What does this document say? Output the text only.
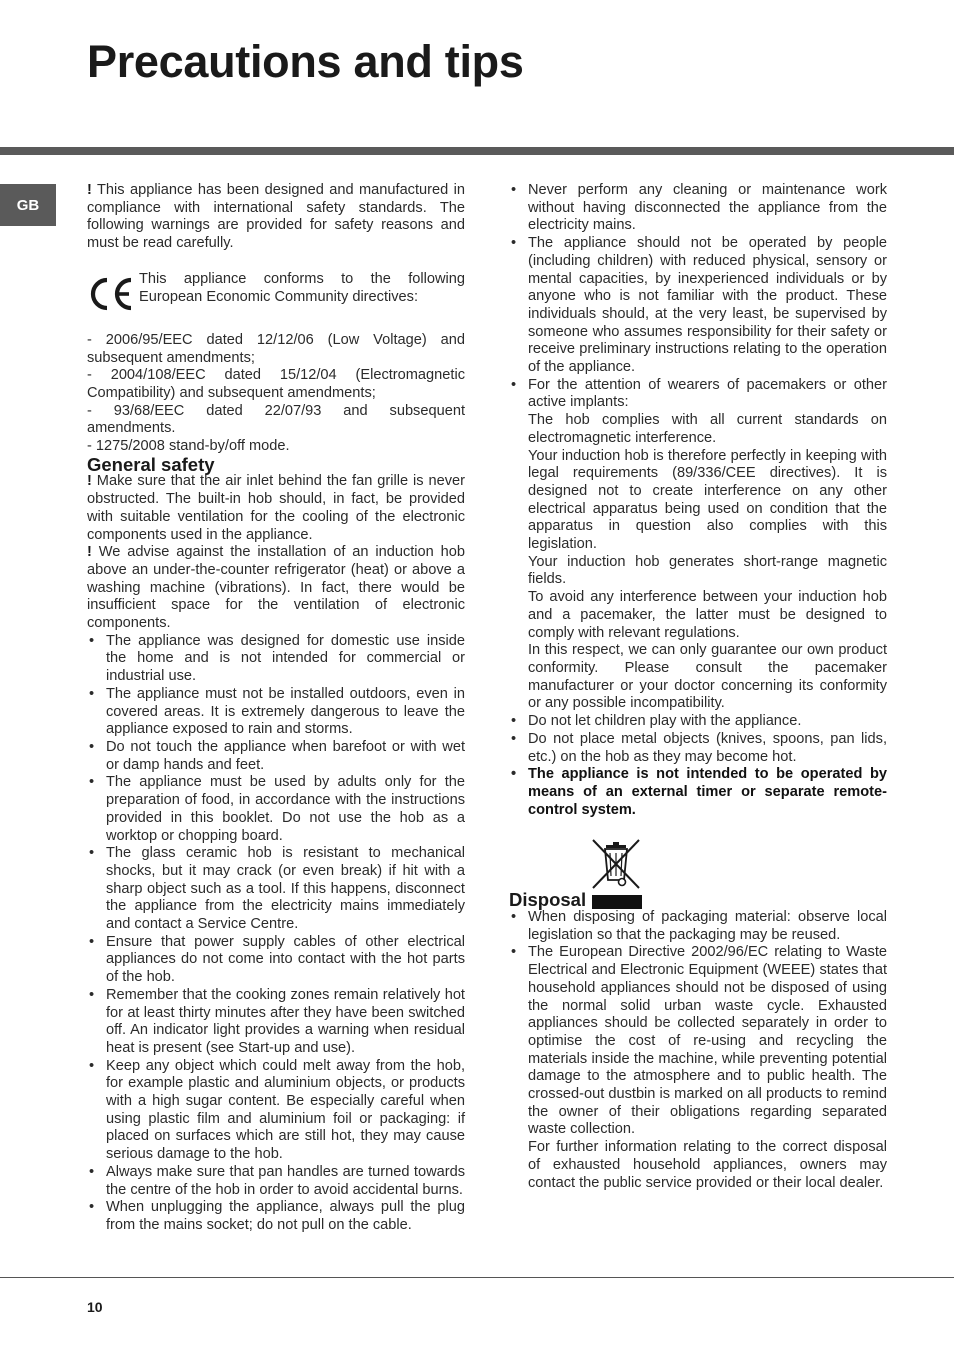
Precautions and tips
GB

! This appliance has been designed and manufactured in compliance with international safety standards. The following warnings are provided for safety reasons and must be read carefully.

This appliance conforms to the following European Economic Community directives:

- 2006/95/EEC dated 12/12/06 (Low Voltage) and subsequent amendments;

- 2004/108/EEC dated 15/12/04 (Electromagnetic Compatibility) and subsequent amendments;

- 93/68/EEC dated 22/07/93 and subsequent amendments.

- 1275/2008 stand-by/off mode.

General safety

! Make sure that the air inlet behind the fan grille is never obstructed. The built-in hob should, in fact, be provided with suitable ventilation for the cooling of the electronic components used in the appliance.

! We advise against the installation of an induction hob above an under-the-counter refrigerator (heat) or above a washing machine (vibrations). In fact, there would be insufficient space for the ventilation of electronic components.

• The appliance was designed for domestic use inside the home and is not intended for commercial or industrial use.
• The appliance must not be installed outdoors, even in covered areas. It is extremely dangerous to leave the appliance exposed to rain and storms.
• Do not touch the appliance when barefoot or with wet or damp hands and feet.
• The appliance must be used by adults only for the preparation of food, in accordance with the instructions provided in this booklet. Do not use the hob as a worktop or chopping board.
• The glass ceramic hob is resistant to mechanical shocks, but it may crack (or even break) if hit with a sharp object such as a tool. If this happens, disconnect the appliance from the electricity mains immediately and contact a Service Centre.
• Ensure that power supply cables of other electrical appliances do not come into contact with the hot parts of the hob.
• Remember that the cooking zones remain relatively hot for at least thirty minutes after they have been switched off. An indicator light provides a warning when residual heat is present (see Start-up and use).
• Keep any object which could melt away from the hob, for example plastic and aluminium objects, or products with a high sugar content. Be especially careful when using plastic film and aluminium foil or packaging: if placed on surfaces which are still hot, they may cause serious damage to the hob.
• Always make sure that pan handles are turned towards the centre of the hob in order to avoid accidental burns.
• When unplugging the appliance, always pull the plug from the mains socket; do not pull on the cable.
• Never perform any cleaning or maintenance work without having disconnected the appliance from the electricity mains.
• The appliance should not be operated by people (including children) with reduced physical, sensory or mental capacities, by inexperienced individuals or by anyone who is not familiar with the product. These individuals should, at the very least, be supervised by someone who assumes responsibility for their safety or receive preliminary instructions relating to the operation of the appliance.

• For the attention of wearers of pacemakers or other active implants:

The hob complies with all current standards on electromagnetic interference.

Your induction hob is therefore perfectly in keeping with legal requirements (89/336/CEE directives). It is designed not to create interference on any other electrical apparatus being used on condition that the apparatus in question also complies with this legislation.

Your induction hob generates short-range magnetic fields.

To avoid any interference between your induction hob and a pacemaker, the latter must be designed to comply with relevant regulations.

In this respect, we can only guarantee our own product conformity. Please consult the pacemaker manufacturer or your doctor concerning its conformity or any possible incompatibility.

• Do not let children play with the appliance.
• Do not place metal objects (knives, spoons, pan lids, etc.) on the hob as they may become hot.
• The appliance is not intended to be operated by means of an external timer or separate remote-control system.
Disposal
• When disposing of packaging material: observe local legislation so that the packaging may be reused.

• The European Directive 2002/96/EC relating to Waste Electrical and Electronic Equipment (WEEE) states that household appliances should not be disposed of using the normal solid urban waste cycle. Exhausted appliances should be collected separately in order to optimise the cost of re-using and recycling the materials inside the machine, while preventing potential damage to the atmosphere and to public health. The crossed-out dustbin is marked on all products to remind the owner of their obligations regarding separated waste collection.

For further information relating to the correct disposal of exhausted household appliances, owners may contact the public service provided or their local dealer.

10
